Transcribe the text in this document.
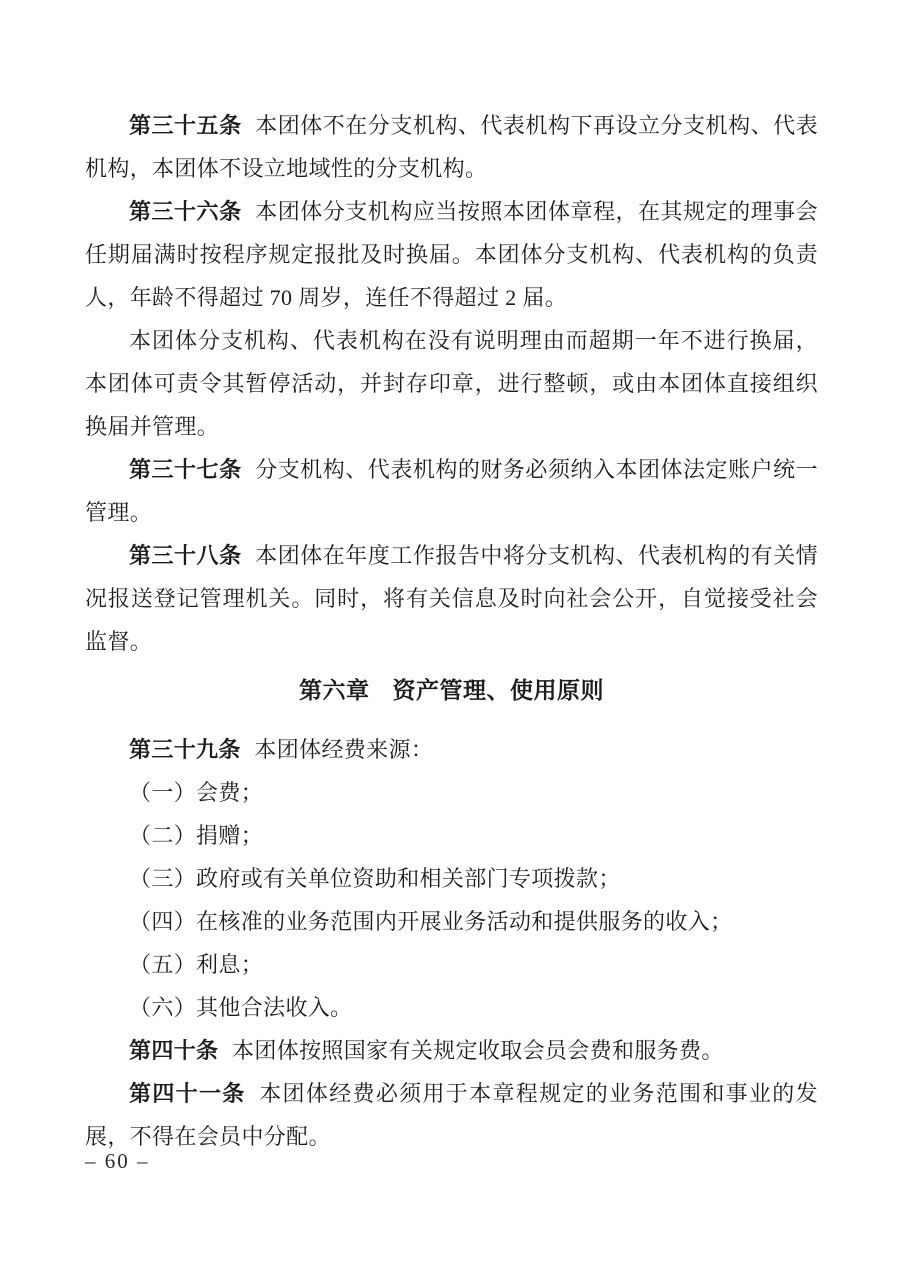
第三十五条 本团体不在分支机构、代表机构下再设立分支机构、代表机构，本团体不设立地域性的分支机构。

第三十六条 本团体分支机构应当按照本团体章程，在其规定的理事会任期届满时按程序规定报批及时换届。本团体分支机构、代表机构的负责人，年龄不得超过 70 周岁，连任不得超过 2 届。

本团体分支机构、代表机构在没有说明理由而超期一年不进行换届，本团体可责令其暂停活动，并封存印章，进行整顿，或由本团体直接组织换届并管理。

第三十七条 分支机构、代表机构的财务必须纳入本团体法定账户统一管理。

第三十八条 本团体在年度工作报告中将分支机构、代表机构的有关情况报送登记管理机关。同时，将有关信息及时向社会公开，自觉接受社会监督。

第六章 资产管理、使用原则

第三十九条 本团体经费来源：

（一）会费；

（二）捐赠；

（三）政府或有关单位资助和相关部门专项拨款；

（四）在核准的业务范围内开展业务活动和提供服务的收入；

（五）利息；

（六）其他合法收入。

第四十条 本团体按照国家有关规定收取会员会费和服务费。

第四十一条 本团体经费必须用于本章程规定的业务范围和事业的发展，不得在会员中分配。

– 60 –
